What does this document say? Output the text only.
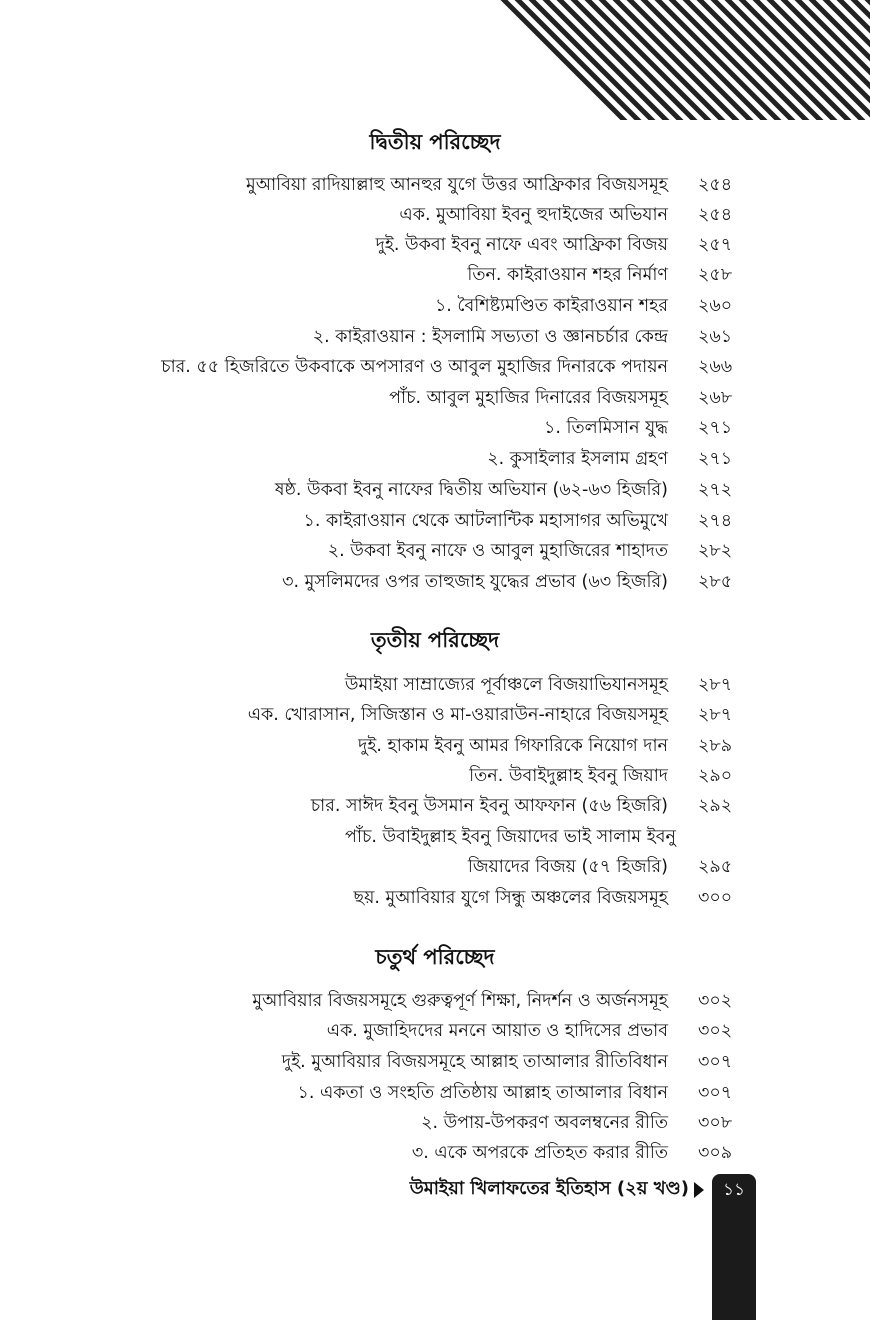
দ্বিতীয় পরিচ্ছেদ
তৃতীয় পরিচ্ছেদ
চতুর্থ পরিচ্ছেদ
মুআবিয়া রাদিয়াল্লাহু আনহুর যুগে উত্তর আফ্রিকার বিজয়সমূহ ২৫৪
এক. মুআবিয়া ইবনু হুদাইজের অভিযান ২৫৪
দুই. উকবা ইবনু নাফে এবং আফ্রিকা বিজয় ২৫৭
তিন. কাইরাওয়ান শহর নির্মাণ ২৫৮
১. বৈশিষ্ট্যমণ্ডিত কাইরাওয়ান শহর ২৬০
২. কাইরাওয়ান : ইসলামি সভ্যতা ও জ্ঞানচর্চার কেন্দ্র ২৬১
চার. ৫৫ হিজরিতে উকবাকে অপসারণ ও আবুল মুহাজির দিনারকে পদায়ন ২৬৬
পাঁচ. আবুল মুহাজির দিনারের বিজয়সমূহ ২৬৮
১. তিলমিসান যুদ্ধ ২৭১
২. কুসাইলার ইসলাম গ্রহণ ২৭১
ষষ্ঠ. উকবা ইবনু নাফের দ্বিতীয় অভিযান (৬২-৬৩ হিজরি) ২৭২
১. কাইরাওয়ান থেকে আটলান্টিক মহাসাগর অভিমুখে ২৭৪
২. উকবা ইবনু নাফে ও আবুল মুহাজিরের শাহাদত ২৮২
৩. মুসলিমদের ওপর তাহুজাহ যুদ্ধের প্রভাব (৬৩ হিজরি) ২৮৫
উমাইয়া সাম্রাজ্যের পূর্বাঞ্চলে বিজয়াভিযানসমূহ ২৮৭
এক. খোরাসান, সিজিস্তান ও মা-ওয়ারাউন-নাহারে বিজয়সমূহ ২৮৭
দুই. হাকাম ইবনু আমর গিফারিকে নিয়োগ দান ২৮৯
তিন. উবাইদুল্লাহ ইবনু জিয়াদ ২৯০
চার. সাঈদ ইবনু উসমান ইবনু আফফান (৫৬ হিজরি) ২৯২
পাঁচ. উবাইদুল্লাহ ইবনু জিয়াদের ভাই সালাম ইবনু
জিয়াদের বিজয় (৫৭ হিজরি) ২৯৫
ছয়. মুআবিয়ার যুগে সিন্ধু অঞ্চলের বিজয়সমূহ ৩০০
মুআবিয়ার বিজয়সমূহে গুরুত্বপূর্ণ শিক্ষা, নিদর্শন ও অর্জনসমূহ ৩০২
এক. মুজাহিদদের মননে আয়াত ও হাদিসের প্রভাব ৩০২
দুই. মুআবিয়ার বিজয়সমূহে আল্লাহ তাআলার রীতিবিধান ৩০৭
১. একতা ও সংহতি প্রতিষ্ঠায় আল্লাহ তাআলার বিধান ৩০৭
২. উপায়-উপকরণ অবলম্বনের রীতি ৩০৮
৩. একে অপরকে প্রতিহত করার রীতি ৩০৯
উমাইয়া খিলাফতের ইতিহাস (২য় খণ্ড)	১১
